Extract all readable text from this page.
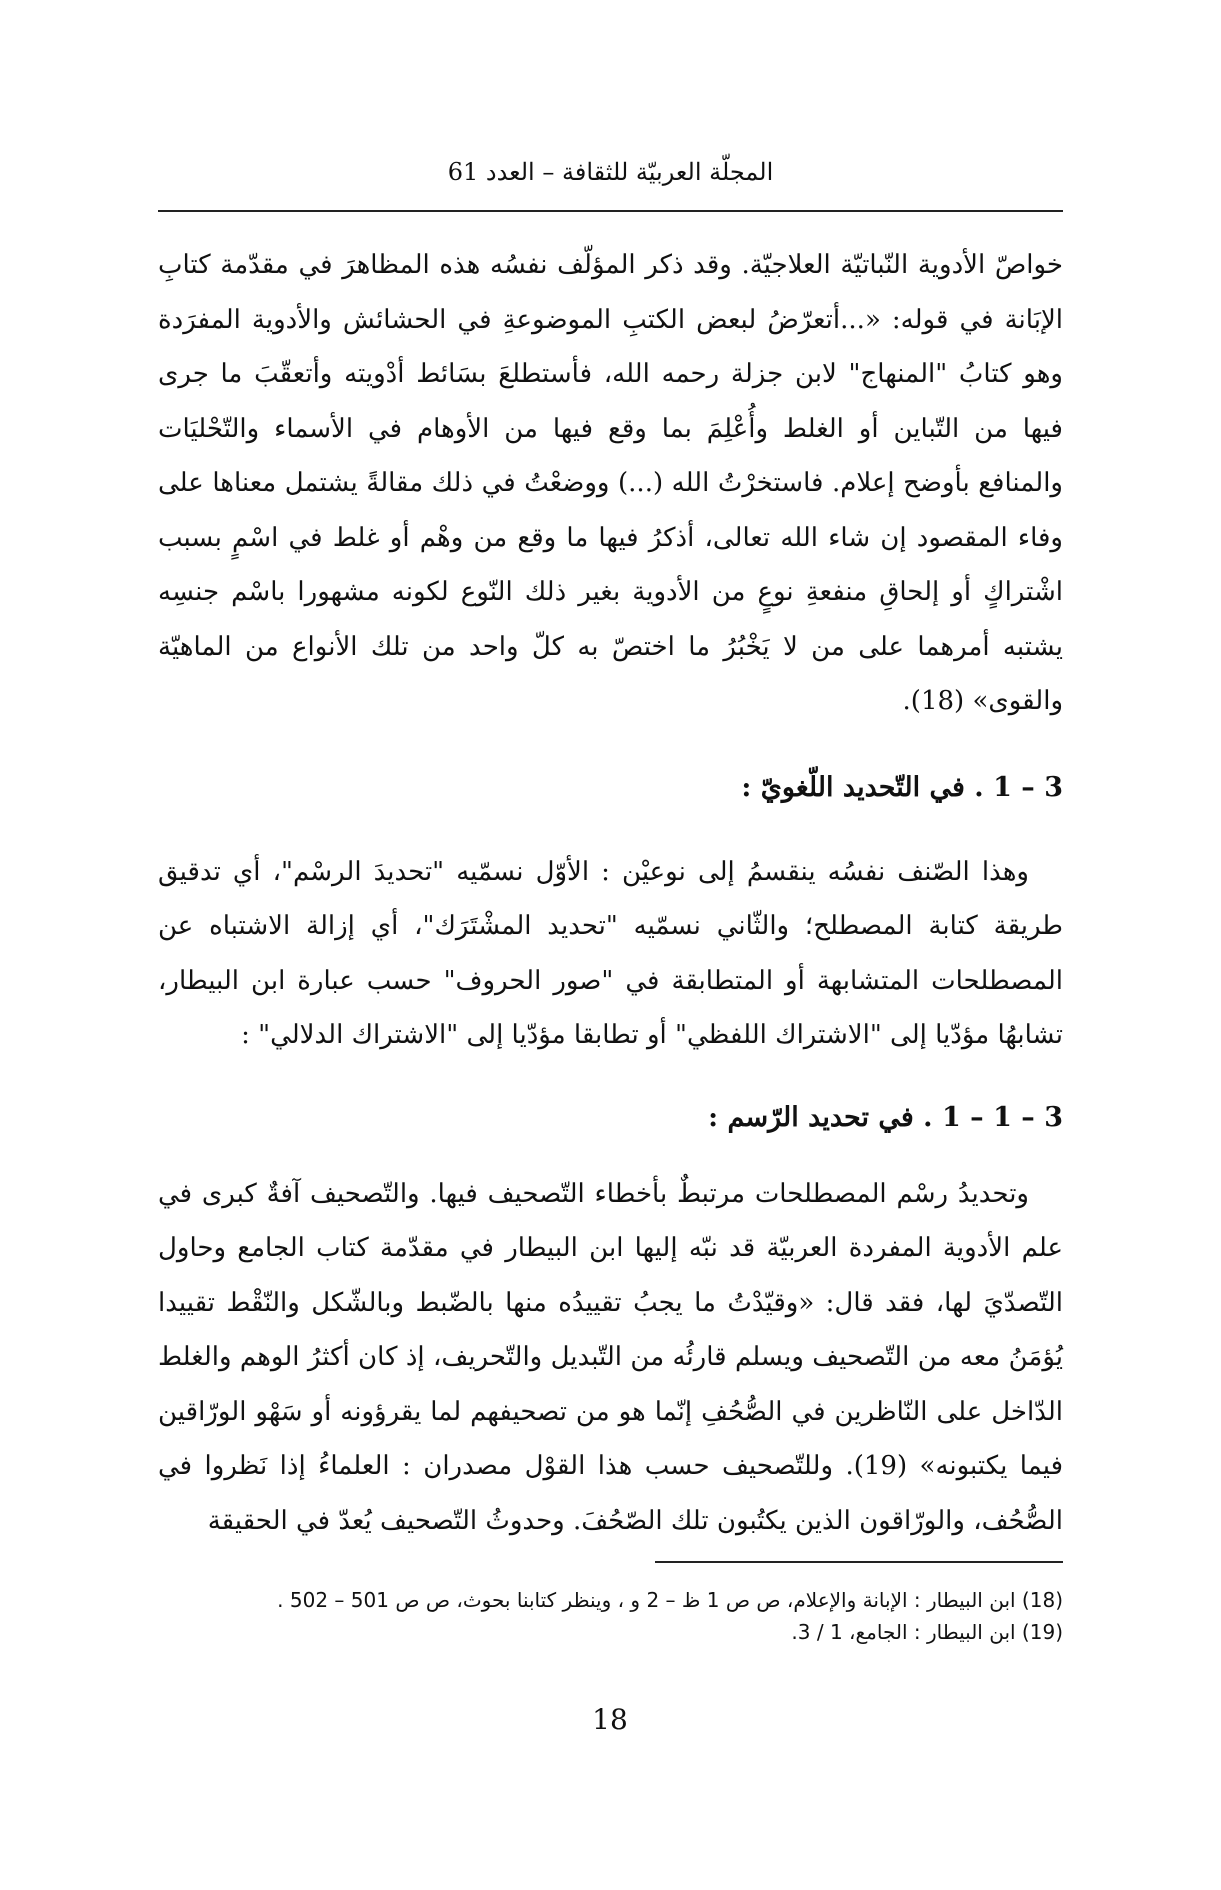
المجلّة العربيّة للثقافة – العدد 61

خواصّ الأدوية النّباتيّة العلاجيّة. وقد ذكر المؤلّف نفسُه هذه المظاهرَ في مقدّمة كتابِ الإبَانة في قوله: «...أتعرّضُ لبعض الكتبِ الموضوعةِ في الحشائش والأدوية المفرَدة وهو كتابُ "المنهاج" لابن جزلة رحمه الله، فأستطلعَ بسَائط أدْويته وأتعقّبَ ما جرى فيها من التّباين أو الغلط وأُعْلِمَ بما وقع فيها من الأوهام في الأسماء والتّحْليَات والمنافع بأوضح إعلام. فاستخرْتُ الله (...) ووضعْتُ في ذلك مقالةً يشتمل معناها على وفاء المقصود إن شاء الله تعالى، أذكرُ فيها ما وقع من وهْم أو غلط في اسْمٍ بسبب اشْتراكٍ أو إلحاقِ منفعةِ نوعٍ من الأدوية بغير ذلك النّوع لكونه مشهورا باسْم جنسِه يشتبه أمرهما على من لا يَخْبُرُ ما اختصّ به كلّ واحد من تلك الأنواع من الماهيّة والقوى» (18).

3 – 1 . في التّحديد اللّغويّ :

وهذا الصّنف نفسُه ينقسمُ إلى نوعيْن : الأوّل نسمّيه "تحديدَ الرسْم"، أي تدقيق طريقة كتابة المصطلح؛ والثّاني نسمّيه "تحديد المشْتَرَك"، أي إزالة الاشتباه عن المصطلحات المتشابهة أو المتطابقة في "صور الحروف" حسب عبارة ابن البيطار، تشابهُا مؤدّيا إلى "الاشتراك اللفظي" أو تطابقا مؤدّيا إلى "الاشتراك الدلالي" :

3 – 1 – 1 . في تحديد الرّسم :

وتحديدُ رسْم المصطلحات مرتبطٌ بأخطاء التّصحيف فيها. والتّصحيف آفةٌ كبرى في علم الأدوية المفردة العربيّة قد نبّه إليها ابن البيطار في مقدّمة كتاب الجامع وحاول التّصدّيَ لها، فقد قال: «وقيّدْتُ ما يجبُ تقييدُه منها بالضّبط وبالشّكل والنّقْط تقييدا يُؤمَنُ معه من التّصحيف ويسلم قارئُه من التّبديل والتّحريف، إذ كان أكثرُ الوهم والغلط الدّاخل على النّاظرين في الصُّحُفِ إنّما هو من تصحيفهم لما يقرؤونه أو سَهْو الورّاقين فيما يكتبونه» (19). وللتّصحيف حسب هذا القوْل مصدران : العلماءُ إذا نَظروا في الصُّحُف، والورّاقون الذين يكتُبون تلك الصّحُفَ. وحدوثُ التّصحيف يُعدّ في الحقيقة

(18) ابن البيطار : الإبانة والإعلام، ص ص 1 ظ – 2 و ، وينظر كتابنا بحوث، ص ص 501 – 502 .

(19) ابن البيطار : الجامع، 1 / 3.

18
